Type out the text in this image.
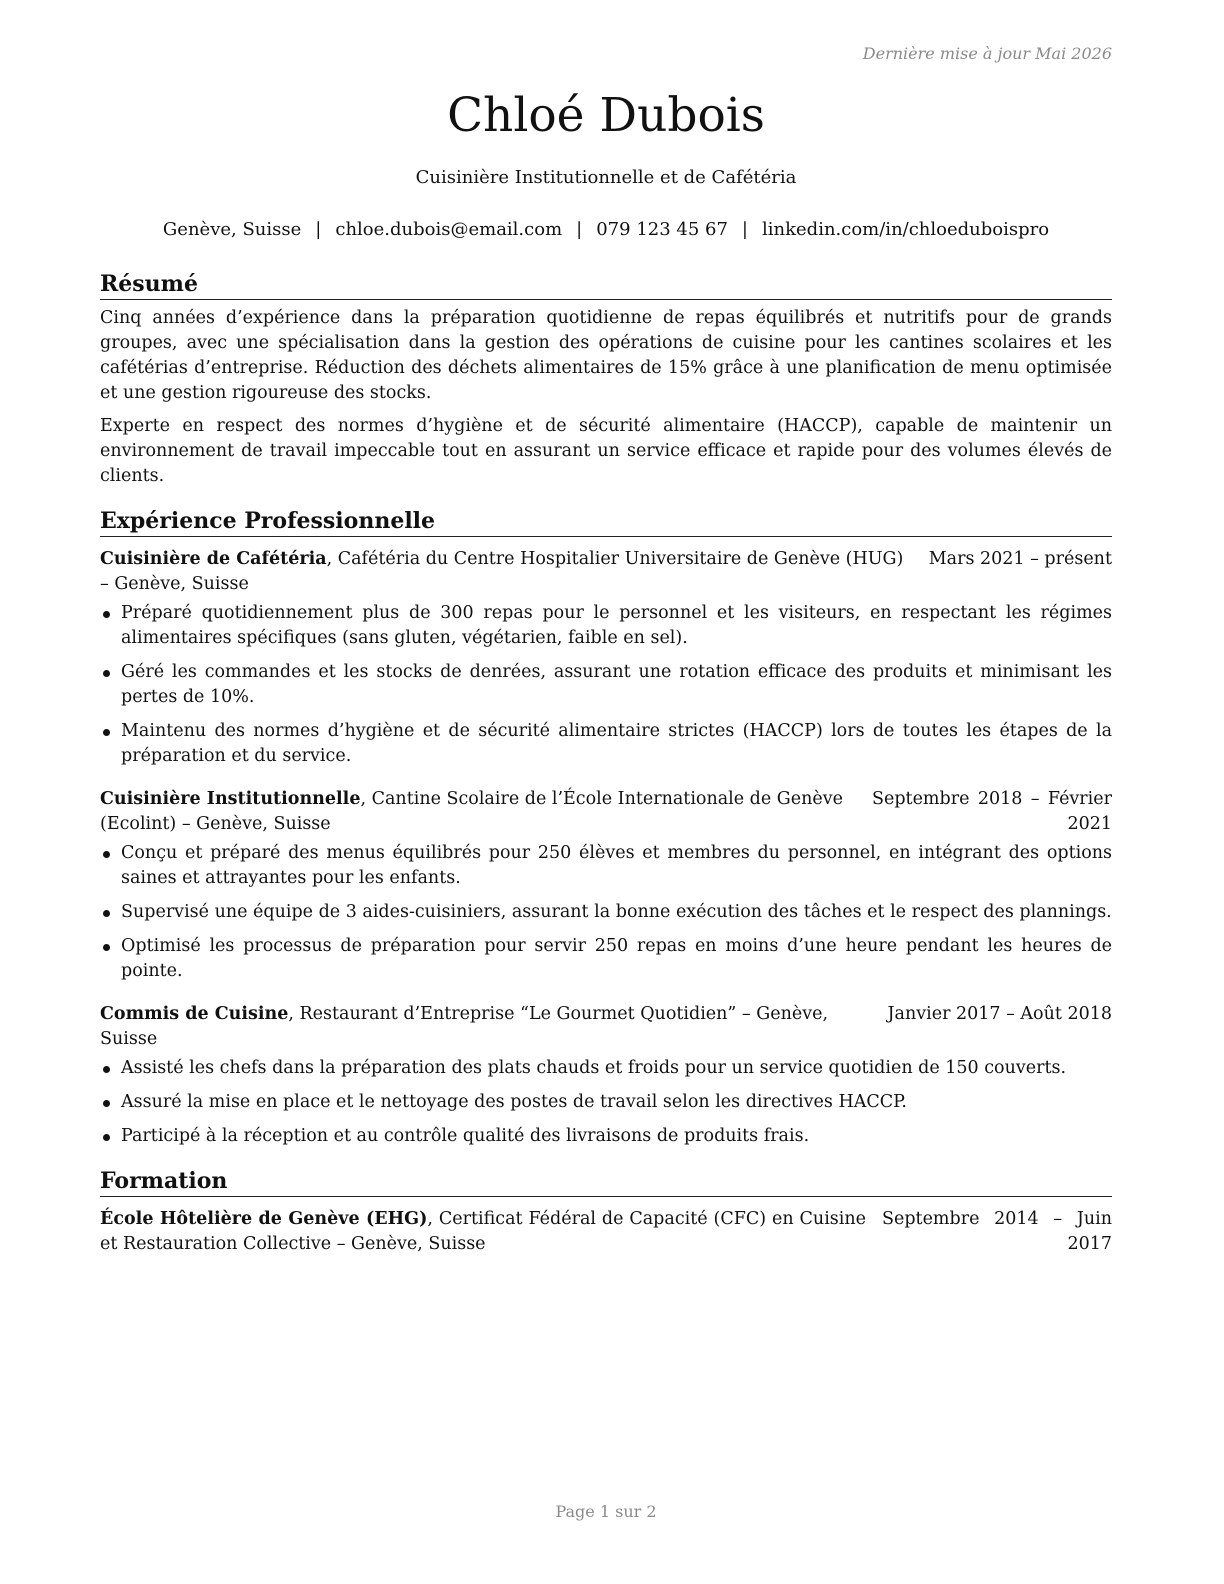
Dernière mise à jour Mai 2026
Chloé Dubois
Cuisinière Institutionnelle et de Cafétéria
Genève, Suisse | chloe.dubois@email.com | 079 123 45 67 | linkedin.com/in/chloeduboispro
Résumé

Cinq années d’expérience dans la préparation quotidienne de repas équilibrés et nutritifs pour de grands groupes, avec une spécialisation dans la gestion des opérations de cuisine pour les cantines scolaires et les cafétérias d’entreprise. Réduction des déchets alimentaires de 15% grâce à une planification de menu optimisée et une gestion rigoureuse des stocks.

Experte en respect des normes d’hygiène et de sécurité alimentaire (HACCP), capable de maintenir un environnement de travail impeccable tout en assurant un service efficace et rapide pour des volumes élevés de clients.

Expérience Professionnelle
Cuisinière de Cafétéria, Cafétéria du Centre Hospitalier Universitaire de Genève (HUG) – Genève, Suisse
Mars 2021 – présent
Préparé quotidiennement plus de 300 repas pour le personnel et les visiteurs, en respectant les régimes alimentaires spécifiques (sans gluten, végétarien, faible en sel).
Géré les commandes et les stocks de denrées, assurant une rotation efficace des produits et minimisant les pertes de 10%.
Maintenu des normes d’hygiène et de sécurité alimentaire strictes (HACCP) lors de toutes les étapes de la préparation et du service.
Cuisinière Institutionnelle, Cantine Scolaire de l’École Internationale de Genève (Ecolint) – Genève, Suisse
Septembre 2018 – Février 2021
Conçu et préparé des menus équilibrés pour 250 élèves et membres du personnel, en intégrant des options saines et attrayantes pour les enfants.
Supervisé une équipe de 3 aides-cuisiniers, assurant la bonne exécution des tâches et le respect des plannings.
Optimisé les processus de préparation pour servir 250 repas en moins d’une heure pendant les heures de pointe.
Commis de Cuisine, Restaurant d’Entreprise “Le Gourmet Quotidien” – Genève, Suisse
Janvier 2017 – Août 2018
Assisté les chefs dans la préparation des plats chauds et froids pour un service quotidien de 150 couverts.
Assuré la mise en place et le nettoyage des postes de travail selon les directives HACCP.
Participé à la réception et au contrôle qualité des livraisons de produits frais.
Formation
École Hôtelière de Genève (EHG), Certificat Fédéral de Capacité (CFC) en Cuisine et Restauration Collective – Genève, Suisse
Septembre 2014 – Juin 2017
Page 1 sur 2
